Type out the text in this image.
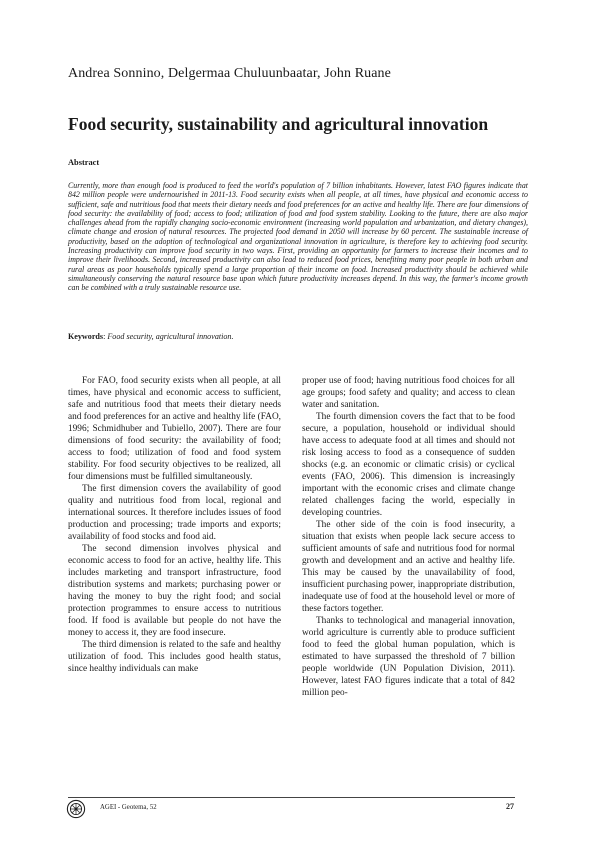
Andrea Sonnino, Delgermaa Chuluunbaatar, John Ruane
Food security, sustainability and agricultural innovation
Abstract

Currently, more than enough food is produced to feed the world's population of 7 billion inhabitants. However, latest FAO figures indicate that 842 million people were undernourished in 2011-13. Food security exists when all people, at all times, have physical and economic access to sufficient, safe and nutritious food that meets their dietary needs and food preferences for an active and healthy life. There are four dimensions of food security: the availability of food; access to food; utilization of food and food system stability. Looking to the future, there are also major challenges ahead from the rapidly changing socio-economic environment (increasing world population and urbanization, and dietary changes), climate change and erosion of natural resources. The projected food demand in 2050 will increase by 60 percent. The sustainable increase of productivity, based on the adoption of technological and organizational innovation in agriculture, is therefore key to achieving food security. Increasing productivity can improve food security in two ways. First, providing an opportunity for farmers to increase their incomes and to improve their livelihoods. Second, increased productivity can also lead to reduced food prices, benefiting many poor people in both urban and rural areas as poor households typically spend a large proportion of their income on food. Increased productivity should be achieved while simultaneously conserving the natural resource base upon which future productivity increases depend. In this way, the farmer's income growth can be combined with a truly sustainable resource use.

Keywords: Food security, agricultural innovation.

For FAO, food security exists when all people, at all times, have physical and economic access to sufficient, safe and nutritious food that meets their dietary needs and food preferences for an active and healthy life (FAO, 1996; Schmidhuber and Tubiello, 2007). There are four dimensions of food security: the availability of food; access to food; utilization of food and food system stability. For food security objectives to be realized, all four dimensions must be fulfilled simultaneously.

The first dimension covers the availability of good quality and nutritious food from local, regional and international sources. It therefore includes issues of food production and processing; trade imports and exports; availability of food stocks and food aid.

The second dimension involves physical and economic access to food for an active, healthy life. This includes marketing and transport infrastructure, food distribution systems and markets; purchasing power or having the money to buy the right food; and social protection programmes to ensure access to nutritious food. If food is available but people do not have the money to access it, they are food insecure.

The third dimension is related to the safe and healthy utilization of food. This includes good health status, since healthy individuals can make

proper use of food; having nutritious food choices for all age groups; food safety and quality; and access to clean water and sanitation.

The fourth dimension covers the fact that to be food secure, a population, household or individual should have access to adequate food at all times and should not risk losing access to food as a consequence of sudden shocks (e.g. an economic or climatic crisis) or cyclical events (FAO, 2006). This dimension is increasingly important with the economic crises and climate change related challenges facing the world, especially in developing countries.

The other side of the coin is food insecurity, a situation that exists when people lack secure access to sufficient amounts of safe and nutritious food for normal growth and development and an active and healthy life. This may be caused by the unavailability of food, insufficient purchasing power, inappropriate distribution, inadequate use of food at the household level or more of these factors together.

Thanks to technological and managerial innovation, world agriculture is currently able to produce sufficient food to feed the global human population, which is estimated to have surpassed the threshold of 7 billion people worldwide (UN Population Division, 2011). However, latest FAO figures indicate that a total of 842 million peo-

AGEI - Geotema, 52	27
